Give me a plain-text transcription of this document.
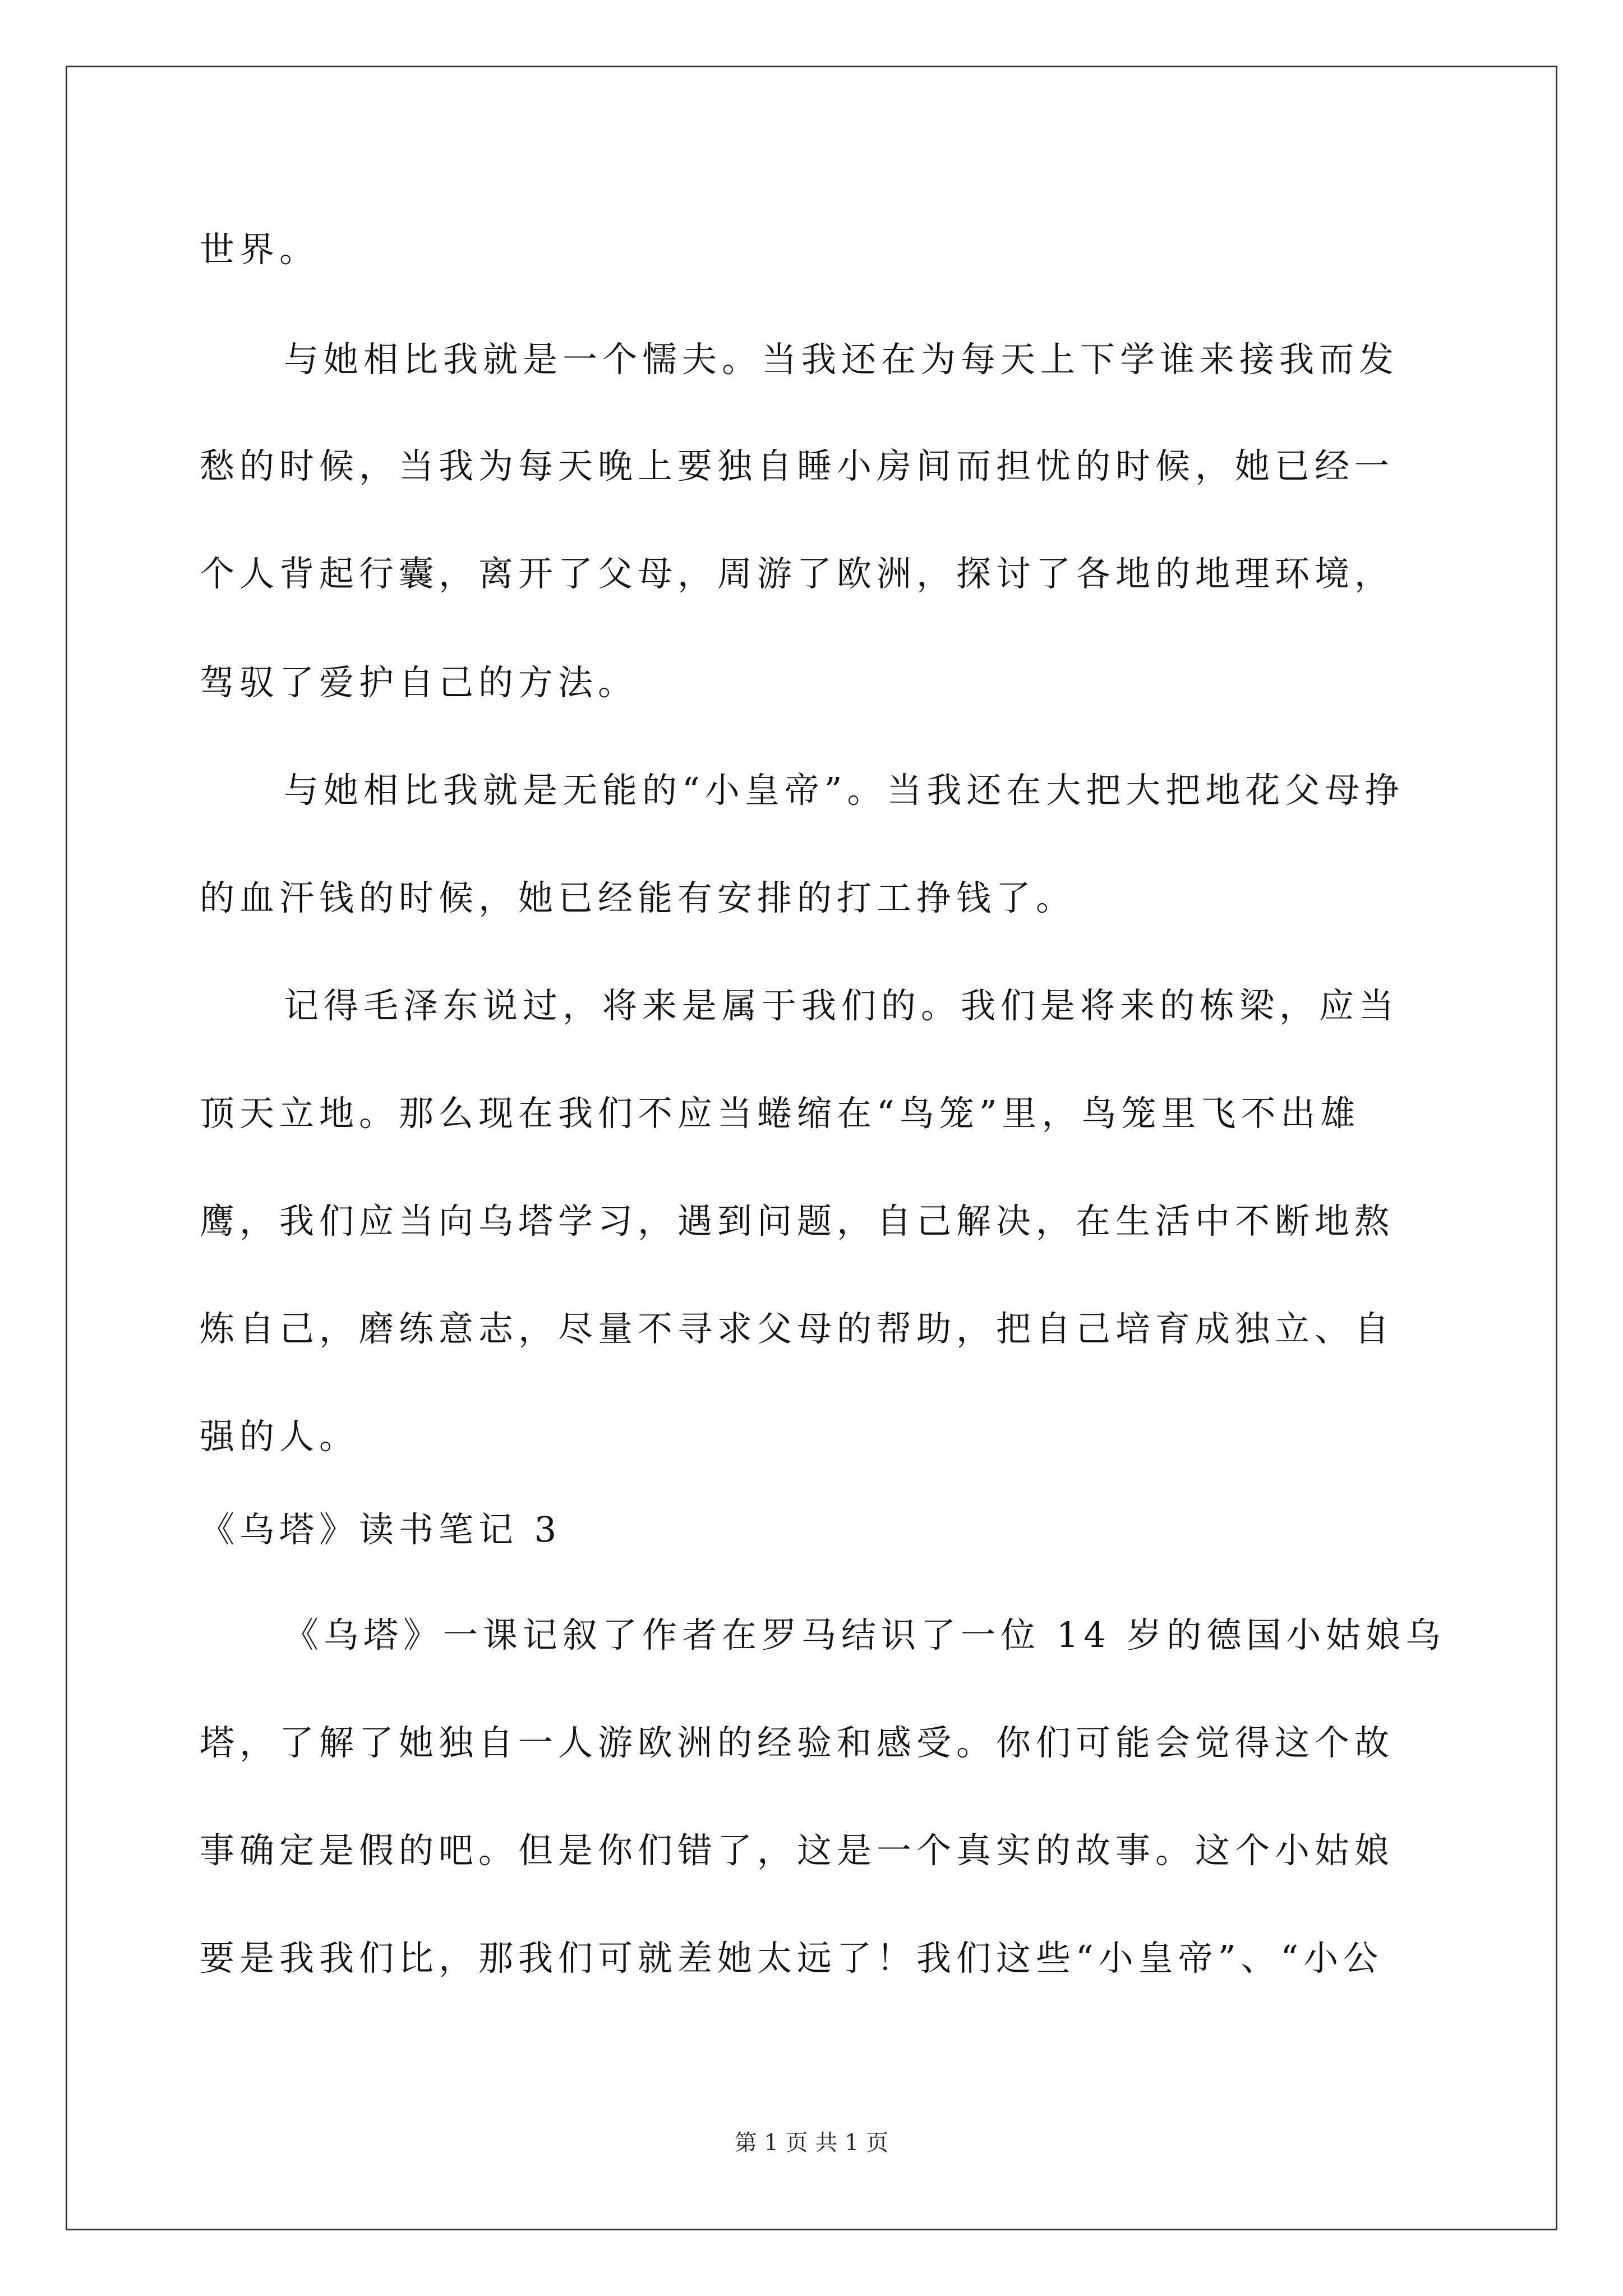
世界。
与她相比我就是一个懦夫。当我还在为每天上下学谁来接我而发
愁的时候，当我为每天晚上要独自睡小房间而担忧的时候，她已经一
个人背起行囊，离开了父母，周游了欧洲，探讨了各地的地理环境，
驾驭了爱护自己的方法。
与她相比我就是无能的“小皇帝”。当我还在大把大把地花父母挣
的血汗钱的时候，她已经能有安排的打工挣钱了。
记得毛泽东说过，将来是属于我们的。我们是将来的栋梁，应当
顶天立地。那么现在我们不应当蜷缩在“鸟笼”里，鸟笼里飞不出雄
鹰，我们应当向乌塔学习，遇到问题，自己解决，在生活中不断地熬
炼自己，磨练意志，尽量不寻求父母的帮助，把自己培育成独立、自
强的人。
《乌塔》读书笔记 3
《乌塔》一课记叙了作者在罗马结识了一位 14 岁的德国小姑娘乌
塔，了解了她独自一人游欧洲的经验和感受。你们可能会觉得这个故
事确定是假的吧。但是你们错了，这是一个真实的故事。这个小姑娘
要是我我们比，那我们可就差她太远了！我们这些“小皇帝”、“小公
第 1 页 共 1 页
